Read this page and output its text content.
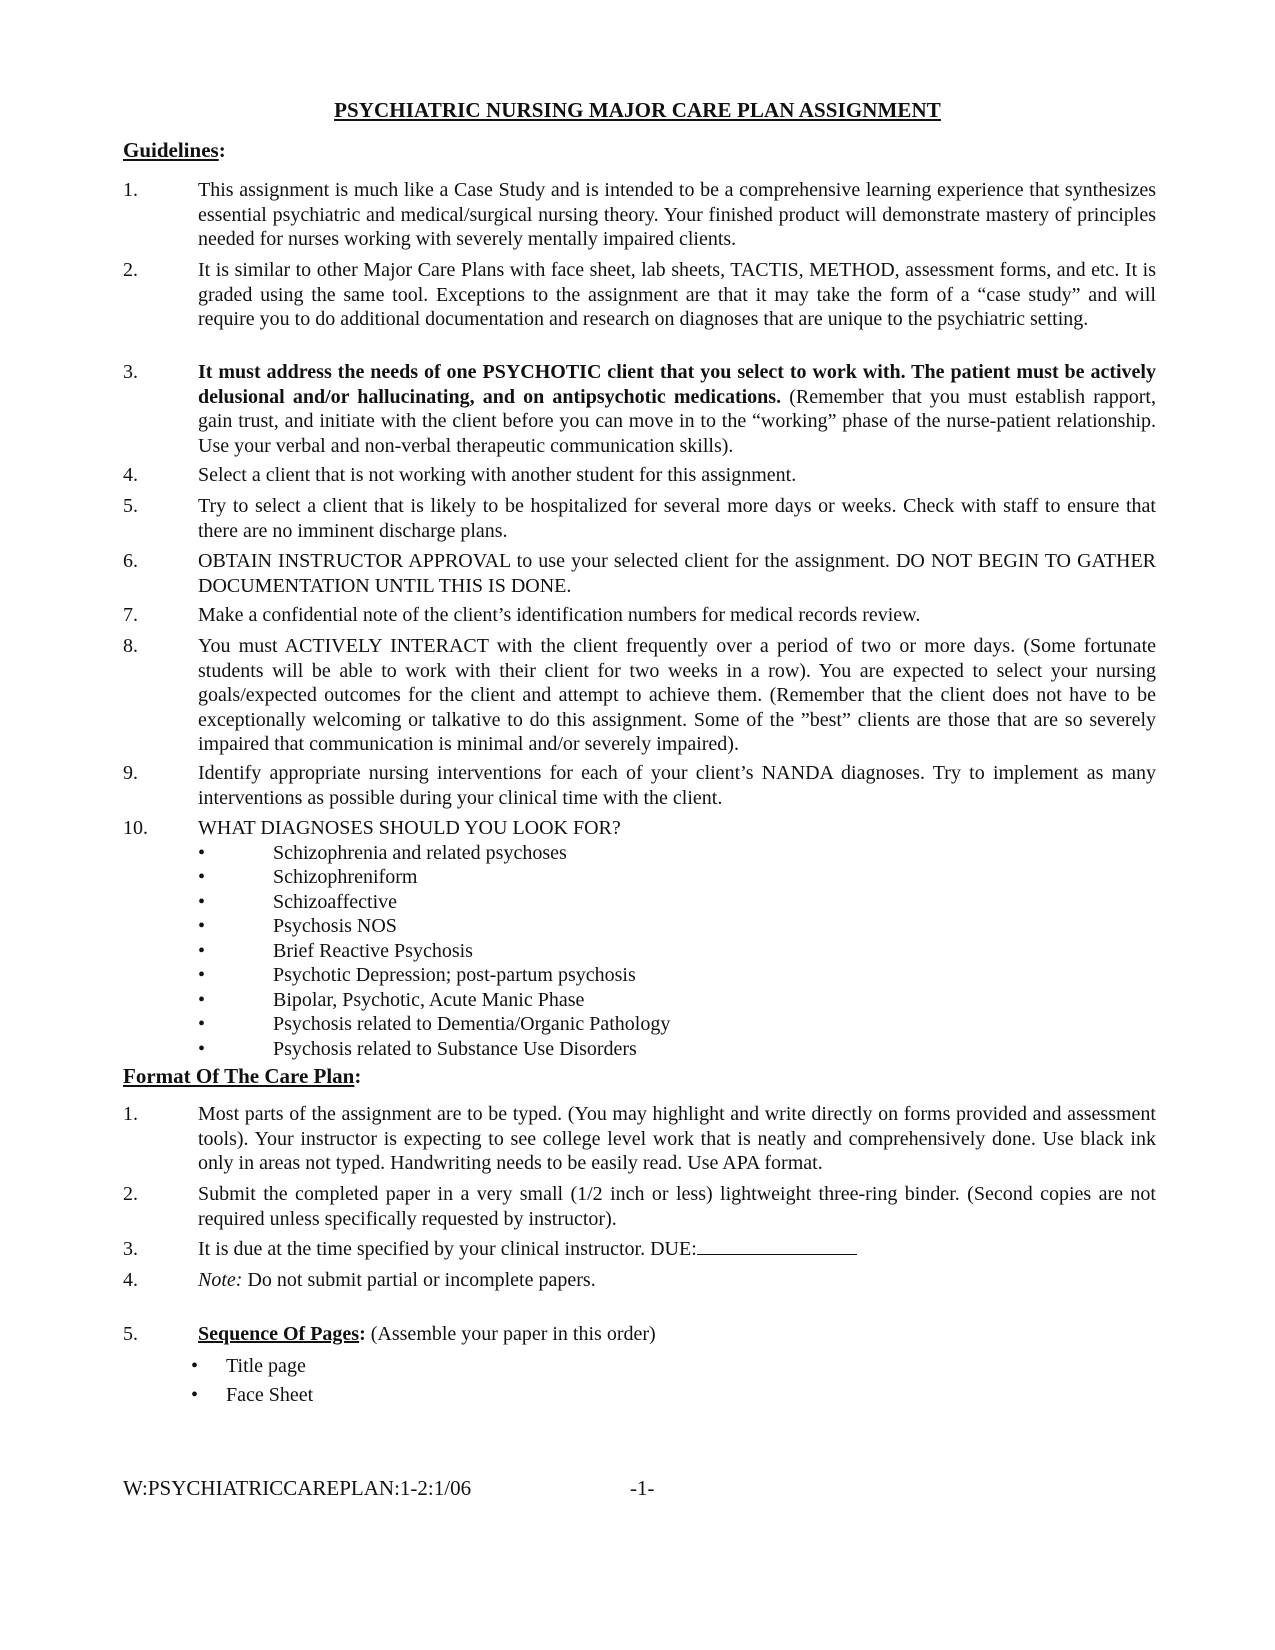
PSYCHIATRIC NURSING MAJOR CARE PLAN ASSIGNMENT
Guidelines:
1.	This assignment is much like a Case Study and is intended to be a comprehensive learning experience that synthesizes essential psychiatric and medical/surgical nursing theory. Your finished product will demonstrate mastery of principles needed for nurses working with severely mentally impaired clients.
2.	It is similar to other Major Care Plans with face sheet, lab sheets, TACTIS, METHOD, assessment forms, and etc. It is graded using the same tool. Exceptions to the assignment are that it may take the form of a “case study” and will require you to do additional documentation and research on diagnoses that are unique to the psychiatric setting.
3.	It must address the needs of one PSYCHOTIC client that you select to work with. The patient must be actively delusional and/or hallucinating, and on antipsychotic medications. (Remember that you must establish rapport, gain trust, and initiate with the client before you can move in to the “working” phase of the nurse-patient relationship. Use your verbal and non-verbal therapeutic communication skills).
4.	Select a client that is not working with another student for this assignment.
5.	Try to select a client that is likely to be hospitalized for several more days or weeks. Check with staff to ensure that there are no imminent discharge plans.
6.	OBTAIN INSTRUCTOR APPROVAL to use your selected client for the assignment. DO NOT BEGIN TO GATHER DOCUMENTATION UNTIL THIS IS DONE.
7.	Make a confidential note of the client’s identification numbers for medical records review.
8.	You must ACTIVELY INTERACT with the client frequently over a period of two or more days. (Some fortunate students will be able to work with their client for two weeks in a row). You are expected to select your nursing goals/expected outcomes for the client and attempt to achieve them. (Remember that the client does not have to be exceptionally welcoming or talkative to do this assignment. Some of the ”best” clients are those that are so severely impaired that communication is minimal and/or severely impaired).
9.	Identify appropriate nursing interventions for each of your client’s NANDA diagnoses. Try to implement as many interventions as possible during your clinical time with the client.
10.	WHAT DIAGNOSES SHOULD YOU LOOK FOR?
•	Schizophrenia and related psychoses
•	Schizophreniform
•	Schizoaffective
•	Psychosis NOS
•	Brief Reactive Psychosis
•	Psychotic Depression; post-partum psychosis
•	Bipolar, Psychotic, Acute Manic Phase
•	Psychosis related to Dementia/Organic Pathology
•	Psychosis related to Substance Use Disorders
Format Of The Care Plan:
1.	Most parts of the assignment are to be typed. (You may highlight and write directly on forms provided and assessment tools). Your instructor is expecting to see college level work that is neatly and comprehensively done. Use black ink only in areas not typed. Handwriting needs to be easily read. Use APA format.
2.	Submit the completed paper in a very small (1/2 inch or less) lightweight three-ring binder. (Second copies are not required unless specifically requested by instructor).
3.	It is due at the time specified by your clinical instructor. DUE:
4.	Note: Do not submit partial or incomplete papers.
5.	Sequence Of Pages: (Assemble your paper in this order)
• Title page
• Face Sheet
W:PSYCHIATRICCAREPLAN:1-2:1/06	-1-
